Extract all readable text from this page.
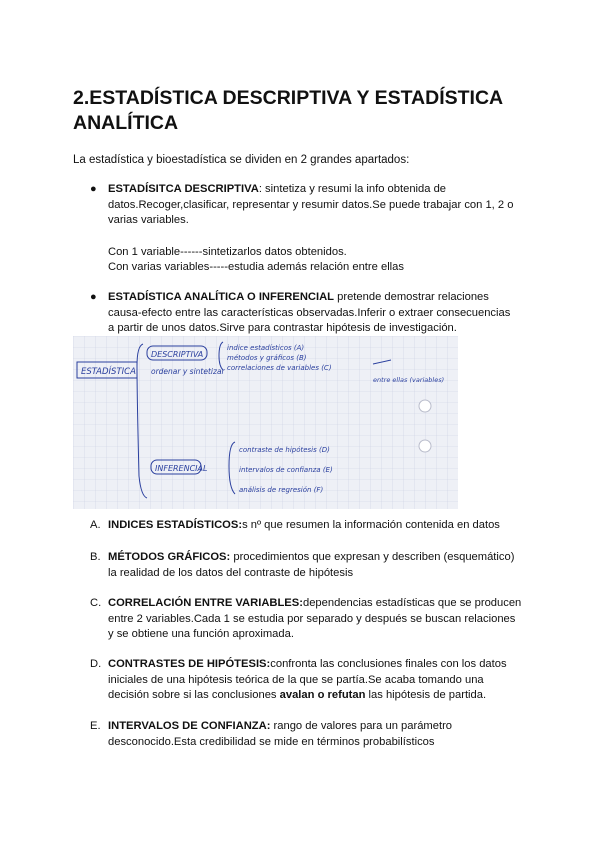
2.ESTADÍSTICA DESCRIPTIVA Y ESTADÍSTICA ANALÍTICA

La estadística y bioestadística se dividen en 2 grandes apartados:

● ESTADÍSITCA DESCRIPTIVA: sintetiza y resumi la info obtenida de datos.Recoger,clasificar, representar y resumir datos.Se puede trabajar con 1, 2 o varias variables.
Con 1 variable------sintetizarlos datos obtenidos.
Con varias variables-----estudia además relación entre ellas
● ESTADÍSTICA ANALÍTICA O INFERENCIAL pretende demostrar relaciones causa-efecto entre las características observadas.Inferir o extraer consecuencias a partir de unos datos.Sirve para contrastar hipótesis de investigación.
ESTADÍSTICA
DESCRIPTIVA
ordenar y sintetizar
indice estadísticos (A)
métodos y gráficos (B)
correlaciones de variables (C)
entre ellas (variables)
INFERENCIAL
contraste de hipótesis (D)
intervalos de confianza (E)
análisis de regresión (F)
A. INDICES ESTADÍSTICOS:s nº que resumen la información contenida en datos
B. MÉTODOS GRÁFICOS: procedimientos que expresan y describen (esquemático) la realidad de los datos del contraste de hipótesis
C. CORRELACIÓN ENTRE VARIABLES:dependencias estadísticas que se producen entre 2 variables.Cada 1 se estudia por separado y después se buscan relaciones y se obtiene una función aproximada.
D. CONTRASTES DE HIPÓTESIS:confronta las conclusiones finales con los datos iniciales de una hipótesis teórica de la que se partía.Se acaba tomando una decisión sobre si las conclusiones avalan o refutan las hipótesis de partida.
E. INTERVALOS DE CONFIANZA: rango de valores para un parámetro desconocido.Esta credibilidad se mide en términos probabilísticos
